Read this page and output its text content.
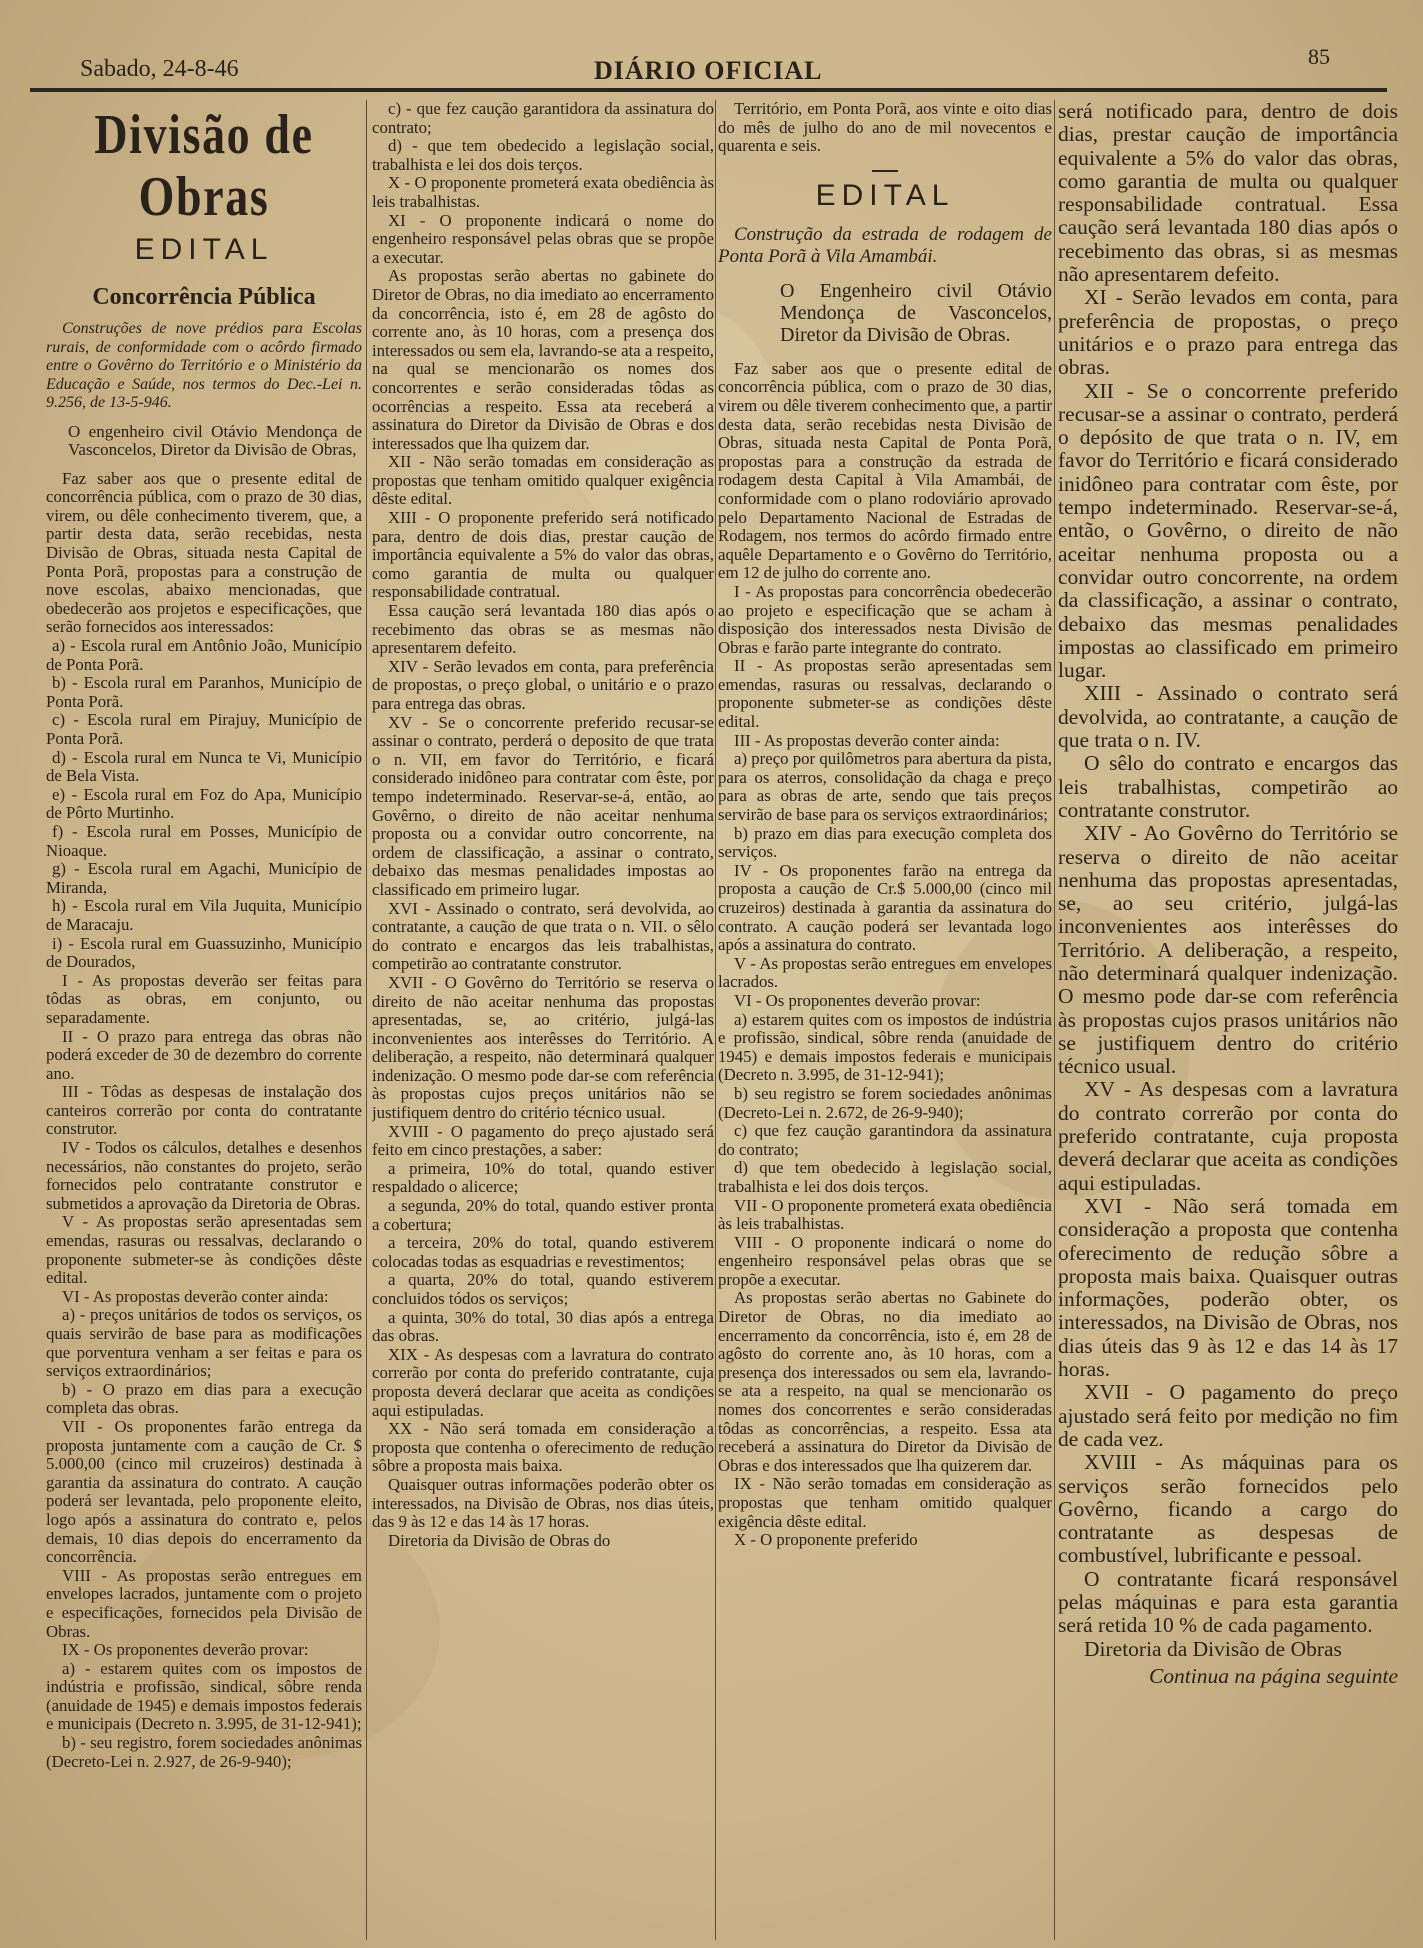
Sabado, 24-8-46	DIÁRIO OFICIAL	85
Divisão de Obras
EDITAL
Concorrência Pública

Construções de nove prédios para Escolas rurais, de conformidade com o acôrdo firmado entre o Govêrno do Território e o Ministério da Educação e Saúde, nos termos do Dec.-Lei n. 9.256, de 13-5-946.

O engenheiro civil Otávio Mendonça de Vasconcelos, Diretor da Divisão de Obras,

Faz saber aos que o presente edital de concorrência pública, com o prazo de 30 dias, virem, ou dêle conhecimento tiverem, que, a partir desta data, serão recebidas, nesta Divisão de Obras, situada nesta Capital de Ponta Porã, propostas para a construção de nove escolas, abaixo mencionadas, que obedecerão aos projetos e especificações, que serão fornecidos aos interessados:

a) - Escola rural em Antônio João, Município de Ponta Porã.

b) - Escola rural em Paranhos, Município de Ponta Porã.

c) - Escola rural em Pirajuy, Município de Ponta Porã.

d) - Escola rural em Nunca te Vi, Município de Bela Vista.

e) - Escola rural em Foz do Apa, Município de Pôrto Murtinho.

f) - Escola rural em Posses, Município de Nioaque.

g) - Escola rural em Agachi, Município de Miranda,

h) - Escola rural em Vila Juquita, Município de Maracaju.

i) - Escola rural em Guassuzinho, Município de Dourados,

I - As propostas deverão ser feitas para tôdas as obras, em conjunto, ou separadamente.

II - O prazo para entrega das obras não poderá exceder de 30 de dezembro do corrente ano.

III - Tôdas as despesas de instalação dos canteiros correrão por conta do contratante construtor.

IV - Todos os cálculos, detalhes e desenhos necessários, não constantes do projeto, serão fornecidos pelo contratante construtor e submetidos a aprovação da Diretoria de Obras.

V - As propostas serão apresentadas sem emendas, rasuras ou ressalvas, declarando o proponente submeter-se às condições dêste edital.

VI - As propostas deverão conter ainda:

a) - preços unitários de todos os serviços, os quais servirão de base para as modificações que porventura venham a ser feitas e para os serviços extraordinários;

b) - O prazo em dias para a execução completa das obras.

VII - Os proponentes farão entrega da proposta juntamente com a caução de Cr. $ 5.000,00 (cinco mil cruzeiros) destinada à garantia da assinatura do contrato. A caução poderá ser levantada, pelo proponente eleito, logo após a assinatura do contrato e, pelos demais, 10 dias depois do encerramento da concorrência.

VIII - As propostas serão entregues em envelopes lacrados, juntamente com o projeto e especificações, fornecidos pela Divisão de Obras.

IX - Os proponentes deverão provar:

a) - estarem quites com os impostos de indústria e profissão, sindical, sôbre renda (anuidade de 1945) e demais impostos federais e municipais (Decreto n. 3.995, de 31-12-941);

b) - seu registro, forem sociedades anônimas (Decreto-Lei n. 2.927, de 26-9-940);

c) - que fez caução garantidora da assinatura do contrato;

d) - que tem obedecido a legislação social, trabalhista e lei dos dois terços.

X - O proponente prometerá exata obediência às leis trabalhistas.

XI - O proponente indicará o nome do engenheiro responsável pelas obras que se propõe a executar.

As propostas serão abertas no gabinete do Diretor de Obras, no dia imediato ao encerramento da concorrência, isto é, em 28 de agôsto do corrente ano, às 10 horas, com a presença dos interessados ou sem ela, lavrando-se ata a respeito, na qual se mencionarão os nomes dos concorrentes e serão consideradas tôdas as ocorrências a respeito. Essa ata receberá a assinatura do Diretor da Divisão de Obras e dos interessados que lha quizem dar.

XII - Não serão tomadas em consideração as propostas que tenham omitido qualquer exigência dêste edital.

XIII - O proponente preferido será notificado para, dentro de dois dias, prestar caução de importância equivalente a 5% do valor das obras, como garantia de multa ou qualquer responsabilidade contratual.

Essa caução será levantada 180 dias após o recebimento das obras se as mesmas não apresentarem defeito.

XIV - Serão levados em conta, para preferência de propostas, o preço global, o unitário e o prazo para entrega das obras.

XV - Se o concorrente preferido recusar-se assinar o contrato, perderá o deposito de que trata o n. VII, em favor do Território, e ficará considerado inidôneo para contratar com êste, por tempo indeterminado. Reservar-se-á, então, ao Govêrno, o direito de não aceitar nenhuma proposta ou a convidar outro concorrente, na ordem de classificação, a assinar o contrato, debaixo das mesmas penalidades impostas ao classificado em primeiro lugar.

XVI - Assinado o contrato, será devolvida, ao contratante, a caução de que trata o n. VII. o sêlo do contrato e encargos das leis trabalhistas, competirão ao contratante construtor.

XVII - O Govêrno do Território se reserva o direito de não aceitar nenhuma das propostas apresentadas, se, ao critério, julgá-las inconvenientes aos interêsses do Território. A deliberação, a respeito, não determinará qualquer indenização. O mesmo pode dar-se com referência às propostas cujos preços unitários não se justifiquem dentro do critério técnico usual.

XVIII - O pagamento do preço ajustado será feito em cinco prestações, a saber:

a primeira, 10% do total, quando estiver respaldado o alicerce;

a segunda, 20% do total, quando estiver pronta a cobertura;

a terceira, 20% do total, quando estiverem colocadas todas as esquadrias e revestimentos;

a quarta, 20% do total, quando estiverem concluidos tódos os serviços;

a quinta, 30% do total, 30 dias após a entrega das obras.

XIX - As despesas com a lavratura do contrato correrão por conta do preferido contratante, cuja proposta deverá declarar que aceita as condições aqui estipuladas.

XX - Não será tomada em consideração a proposta que contenha o oferecimento de redução sôbre a proposta mais baixa.

Quaisquer outras informações poderão obter os interessados, na Divisão de Obras, nos dias úteis, das 9 às 12 e das 14 às 17 horas.

Diretoria da Divisão de Obras do

Território, em Ponta Porã, aos vinte e oito dias do mês de julho do ano de mil novecentos e quarenta e seis.

EDITAL

Construção da estrada de rodagem de Ponta Porã à Vila Amambái.

O Engenheiro civil Otávio Mendonça de Vasconcelos, Diretor da Divisão de Obras.

Faz saber aos que o presente edital de concorrência pública, com o prazo de 30 dias, virem ou dêle tiverem conhecimento que, a partir desta data, serão recebidas nesta Divisão de Obras, situada nesta Capital de Ponta Porã, propostas para a construção da estrada de rodagem desta Capital à Vila Amambái, de conformidade com o plano rodoviário aprovado pelo Departamento Nacional de Estradas de Rodagem, nos termos do acôrdo firmado entre aquêle Departamento e o Govêrno do Território, em 12 de julho do corrente ano.

I - As propostas para concorrência obedecerão ao projeto e especificação que se acham à disposição dos interessados nesta Divisão de Obras e farão parte integrante do contrato.

II - As propostas serão apresentadas sem emendas, rasuras ou ressalvas, declarando o proponente submeter-se as condições dêste edital.

III - As propostas deverão conter ainda:

a) preço por quilômetros para abertura da pista, para os aterros, consolidação da chaga e preço para as obras de arte, sendo que tais preços servirão de base para os serviços extraordinários;

b) prazo em dias para execução completa dos serviços.

IV - Os proponentes farão na entrega da proposta a caução de Cr.$ 5.000,00 (cinco mil cruzeiros) destinada à garantia da assinatura do contrato. A caução poderá ser levantada logo após a assinatura do contrato.

V - As propostas serão entregues em envelopes lacrados.

VI - Os proponentes deverão provar:

a) estarem quites com os impostos de indústria e profissão, sindical, sôbre renda (anuidade de 1945) e demais impostos federais e municipais (Decreto n. 3.995, de 31-12-941);

b) seu registro se forem sociedades anônimas (Decreto-Lei n. 2.672, de 26-9-940);

c) que fez caução garantindora da assinatura do contrato;

d) que tem obedecido à legislação social, trabalhista e lei dos dois terços.

VII - O proponente prometerá exata obediência às leis trabalhistas.

VIII - O proponente indicará o nome do engenheiro responsável pelas obras que se propõe a executar.

As propostas serão abertas no Gabinete do Diretor de Obras, no dia imediato ao encerramento da concorrência, isto é, em 28 de agôsto do corrente ano, às 10 horas, com a presença dos interessados ou sem ela, lavrando-se ata a respeito, na qual se mencionarão os nomes dos concorrentes e serão consideradas tôdas as concorrências, a respeito. Essa ata receberá a assinatura do Diretor da Divisão de Obras e dos interessados que lha quizerem dar.

IX - Não serão tomadas em consideração as propostas que tenham omitido qualquer exigência dêste edital.

X - O proponente preferido

será notificado para, dentro de dois dias, prestar caução de importância equivalente a 5% do valor das obras, como garantia de multa ou qualquer responsabilidade contratual. Essa caução será levantada 180 dias após o recebimento das obras, si as mesmas não apresentarem defeito.

XI - Serão levados em conta, para preferência de propostas, o preço unitários e o prazo para entrega das obras.

XII - Se o concorrente preferido recusar-se a assinar o contrato, perderá o depósito de que trata o n. IV, em favor do Território e ficará considerado inidôneo para contratar com êste, por tempo indeterminado. Reservar-se-á, então, o Govêrno, o direito de não aceitar nenhuma proposta ou a convidar outro concorrente, na ordem da classificação, a assinar o contrato, debaixo das mesmas penalidades impostas ao classificado em primeiro lugar.

XIII - Assinado o contrato será devolvida, ao contratante, a caução de que trata o n. IV.

O sêlo do contrato e encargos das leis trabalhistas, competirão ao contratante construtor.

XIV - Ao Govêrno do Território se reserva o direito de não aceitar nenhuma das propostas apresentadas, se, ao seu critério, julgá-las inconvenientes aos interêsses do Território. A deliberação, a respeito, não determinará qualquer indenização. O mesmo pode dar-se com referência às propostas cujos prasos unitários não se justifiquem dentro do critério técnico usual.

XV - As despesas com a lavratura do contrato correrão por conta do preferido contratante, cuja proposta deverá declarar que aceita as condições aqui estipuladas.

XVI - Não será tomada em consideração a proposta que contenha oferecimento de redução sôbre a proposta mais baixa. Quaisquer outras informações, poderão obter, os interessados, na Divisão de Obras, nos dias úteis das 9 às 12 e das 14 às 17 horas.

XVII - O pagamento do preço ajustado será feito por medição no fim de cada vez.

XVIII - As máquinas para os serviços serão fornecidos pelo Govêrno, ficando a cargo do contratante as despesas de combustível, lubrificante e pessoal.

O contratante ficará responsável pelas máquinas e para esta garantia será retida 10 % de cada pagamento.

Diretoria da Divisão de Obras

Continua na página seguinte
